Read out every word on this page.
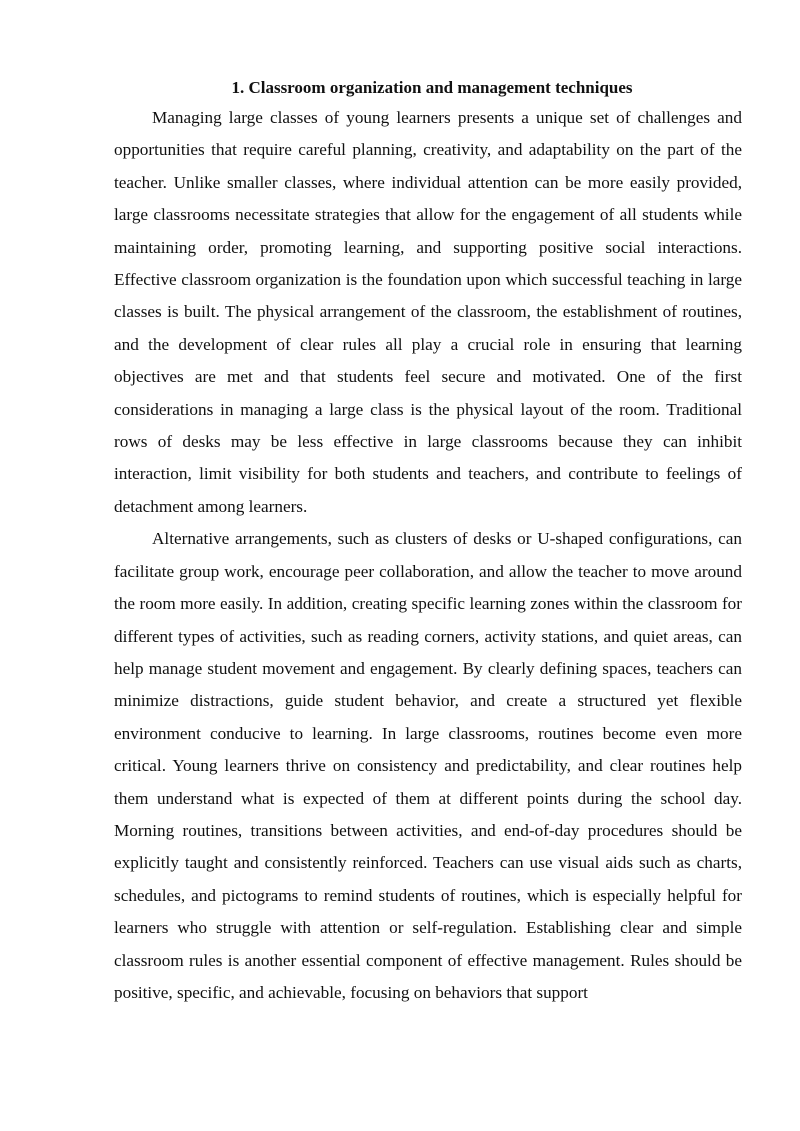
1. Classroom organization and management techniques

Managing large classes of young learners presents a unique set of challenges and opportunities that require careful planning, creativity, and adaptability on the part of the teacher. Unlike smaller classes, where individual attention can be more easily provided, large classrooms necessitate strategies that allow for the engagement of all students while maintaining order, promoting learning, and supporting positive social interactions. Effective classroom organization is the foundation upon which successful teaching in large classes is built. The physical arrangement of the classroom, the establishment of routines, and the development of clear rules all play a crucial role in ensuring that learning objectives are met and that students feel secure and motivated. One of the first considerations in managing a large class is the physical layout of the room. Traditional rows of desks may be less effective in large classrooms because they can inhibit interaction, limit visibility for both students and teachers, and contribute to feelings of detachment among learners.

Alternative arrangements, such as clusters of desks or U-shaped configurations, can facilitate group work, encourage peer collaboration, and allow the teacher to move around the room more easily. In addition, creating specific learning zones within the classroom for different types of activities, such as reading corners, activity stations, and quiet areas, can help manage student movement and engagement. By clearly defining spaces, teachers can minimize distractions, guide student behavior, and create a structured yet flexible environment conducive to learning. In large classrooms, routines become even more critical. Young learners thrive on consistency and predictability, and clear routines help them understand what is expected of them at different points during the school day. Morning routines, transitions between activities, and end-of-day procedures should be explicitly taught and consistently reinforced. Teachers can use visual aids such as charts, schedules, and pictograms to remind students of routines, which is especially helpful for learners who struggle with attention or self-regulation. Establishing clear and simple classroom rules is another essential component of effective management. Rules should be positive, specific, and achievable, focusing on behaviors that support
